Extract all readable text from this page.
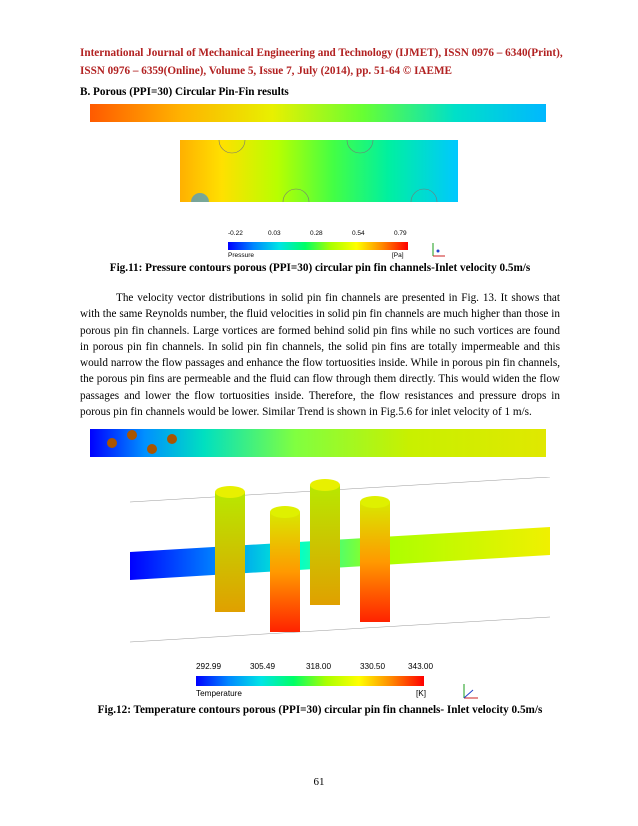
International Journal of Mechanical Engineering and Technology (IJMET), ISSN 0976 – 6340(Print),
ISSN 0976 – 6359(Online), Volume 5, Issue 7, July (2014), pp. 51-64 © IAEME
B. Porous (PPI=30) Circular Pin-Fin results
-0.22	0.03	0.28	0.54	0.79
Pressure	[Pa]
Fig.11: Pressure contours porous (PPI=30) circular pin fin channels-Inlet velocity 0.5m/s

The velocity vector distributions in solid pin fin channels are presented in Fig. 13. It shows that with the same Reynolds number, the fluid velocities in solid pin fin channels are much higher than those in porous pin fin channels. Large vortices are formed behind solid pin fins while no such vortices are found in porous pin fin channels. In solid pin fin channels, the solid pin fins are totally impermeable and this would narrow the flow passages and enhance the flow tortuosities inside. While in porous pin fin channels, the porous pin fins are permeable and the fluid can flow through them directly. This would widen the flow passages and lower the flow tortuosities inside. Therefore, the flow resistances and pressure drops in porous pin fin channels would be lower. Similar Trend is shown in Fig.5.6 for inlet velocity of 1 m/s.

292.99	305.49	318.00	330.50	343.00
Temperature	[K]
Fig.12: Temperature contours porous (PPI=30) circular pin fin channels- Inlet velocity 0.5m/s
61
